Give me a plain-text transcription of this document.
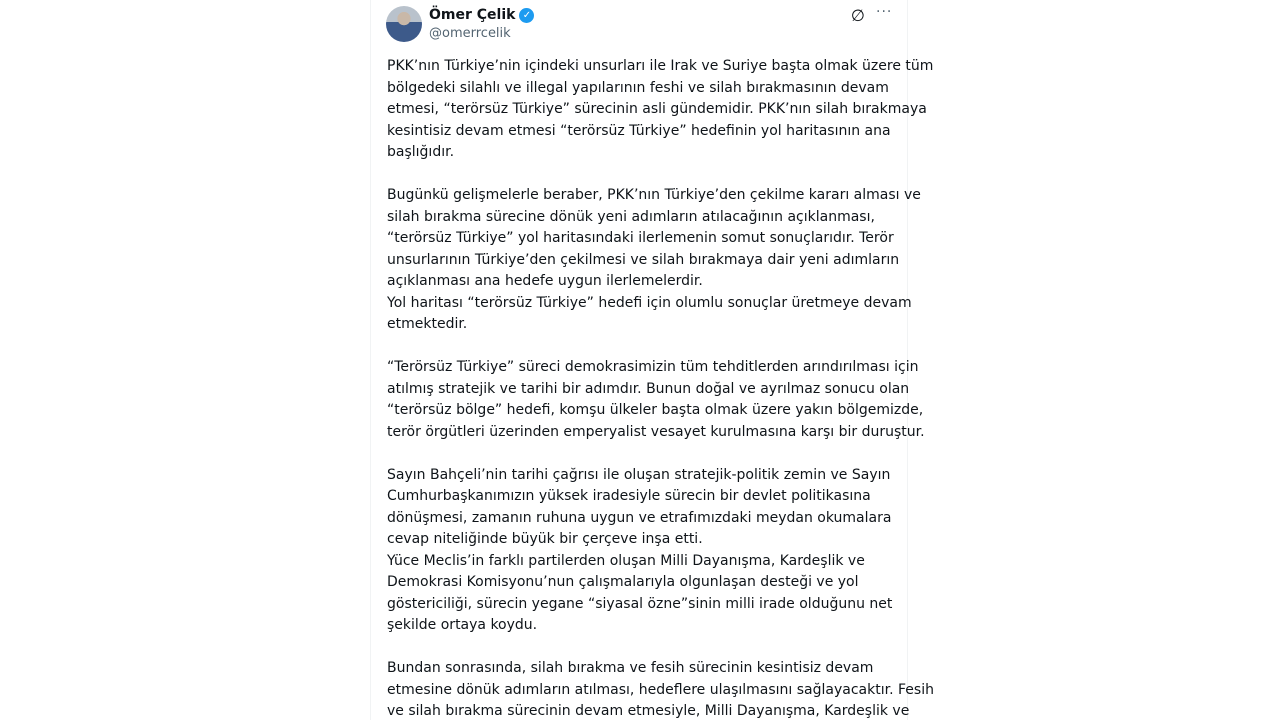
Ömer Çelik ✓
@omerrcelik
∅ ···
PKK’nın Türkiye’nin içindeki unsurları ile Irak ve Suriye başta olmak üzere tüm
bölgedeki silahlı ve illegal yapılarının feshi ve silah bırakmasının devam
etmesi, “terörsüz Türkiye” sürecinin asli gündemidir. PKK’nın silah bırakmaya
kesintisiz devam etmesi “terörsüz Türkiye” hedefinin yol haritasının ana
başlığıdır.
Bugünkü gelişmelerle beraber, PKK’nın Türkiye’den çekilme kararı alması ve
silah bırakma sürecine dönük yeni adımların atılacağının açıklanması,
“terörsüz Türkiye” yol haritasındaki ilerlemenin somut sonuçlarıdır. Terör
unsurlarının Türkiye’den çekilmesi ve silah bırakmaya dair yeni adımların
açıklanması ana hedefe uygun ilerlemelerdir.
Yol haritası “terörsüz Türkiye” hedefi için olumlu sonuçlar üretmeye devam
etmektedir.
“Terörsüz Türkiye” süreci demokrasimizin tüm tehditlerden arındırılması için
atılmış stratejik ve tarihi bir adımdır. Bunun doğal ve ayrılmaz sonucu olan
“terörsüz bölge” hedefi, komşu ülkeler başta olmak üzere yakın bölgemizde,
terör örgütleri üzerinden emperyalist vesayet kurulmasına karşı bir duruştur.
Sayın Bahçeli’nin tarihi çağrısı ile oluşan stratejik-politik zemin ve Sayın
Cumhurbaşkanımızın yüksek iradesiyle sürecin bir devlet politikasına
dönüşmesi, zamanın ruhuna uygun ve etrafımızdaki meydan okumalara
cevap niteliğinde büyük bir çerçeve inşa etti.
Yüce Meclis’in farklı partilerden oluşan Milli Dayanışma, Kardeşlik ve
Demokrasi Komisyonu’nun çalışmalarıyla olgunlaşan desteği ve yol
göstericiliği, sürecin yegane “siyasal özne”sinin milli irade olduğunu net
şekilde ortaya koydu.
Bundan sonrasında, silah bırakma ve fesih sürecinin kesintisiz devam
etmesine dönük adımların atılması, hedeflere ulaşılmasını sağlayacaktır. Fesih
ve silah bırakma sürecinin devam etmesiyle, Milli Dayanışma, Kardeşlik ve
